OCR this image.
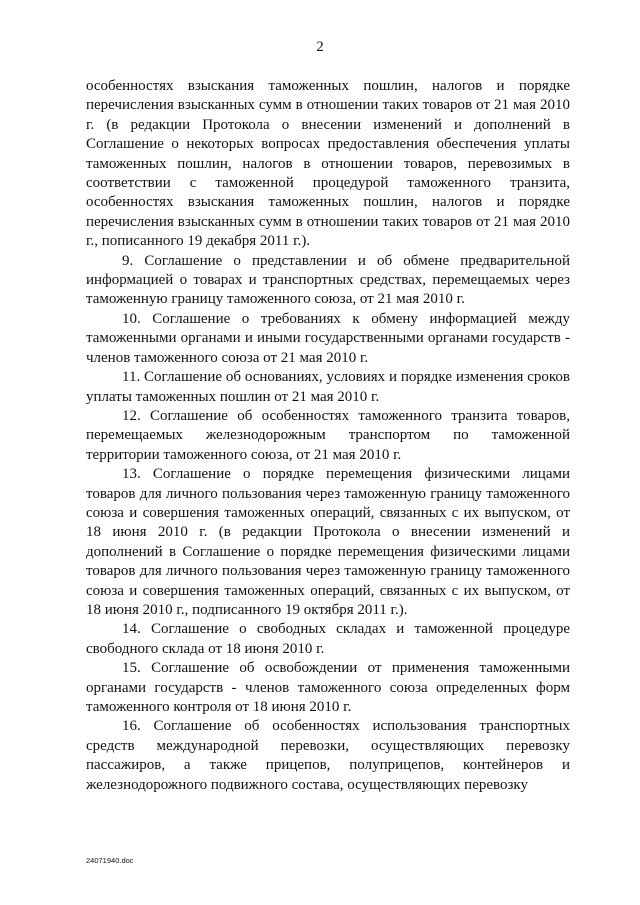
2

особенностях взыскания таможенных пошлин, налогов и порядке перечисления взысканных сумм в отношении таких товаров от 21 мая 2010 г. (в редакции Протокола о внесении изменений и дополнений в Соглашение о некоторых вопросах предоставления обеспечения уплаты таможенных пошлин, налогов в отношении товаров, перевозимых в соответствии с таможенной процедурой таможенного транзита, особенностях взыскания таможенных пошлин, налогов и порядке перечисления взысканных сумм в отношении таких товаров от 21 мая 2010 г., пописанного 19 декабря 2011 г.).

9. Соглашение о представлении и об обмене предварительной информацией о товарах и транспортных средствах, перемещаемых через таможенную границу таможенного союза, от 21 мая 2010 г.

10. Соглашение о требованиях к обмену информацией между таможенными органами и иными государственными органами государств - членов таможенного союза от 21 мая 2010 г.

11. Соглашение об основаниях, условиях и порядке изменения сроков уплаты таможенных пошлин от 21 мая 2010 г.

12. Соглашение об особенностях таможенного транзита товаров, перемещаемых железнодорожным транспортом по таможенной территории таможенного союза, от 21 мая 2010 г.

13. Соглашение о порядке перемещения физическими лицами товаров для личного пользования через таможенную границу таможенного союза и совершения таможенных операций, связанных с их выпуском, от 18 июня 2010 г. (в редакции Протокола о внесении изменений и дополнений в Соглашение о порядке перемещения физическими лицами товаров для личного пользования через таможенную границу таможенного союза и совершения таможенных операций, связанных с их выпуском, от 18 июня 2010 г., подписанного 19 октября 2011 г.).

14. Соглашение о свободных складах и таможенной процедуре свободного склада от 18 июня 2010 г.

15. Соглашение об освобождении от применения таможенными органами государств - членов таможенного союза определенных форм таможенного контроля от 18 июня 2010 г.

16. Соглашение об особенностях использования транспортных средств международной перевозки, осуществляющих перевозку пассажиров, а также прицепов, полуприцепов, контейнеров и железнодорожного подвижного состава, осуществляющих перевозку

24071940.doc
